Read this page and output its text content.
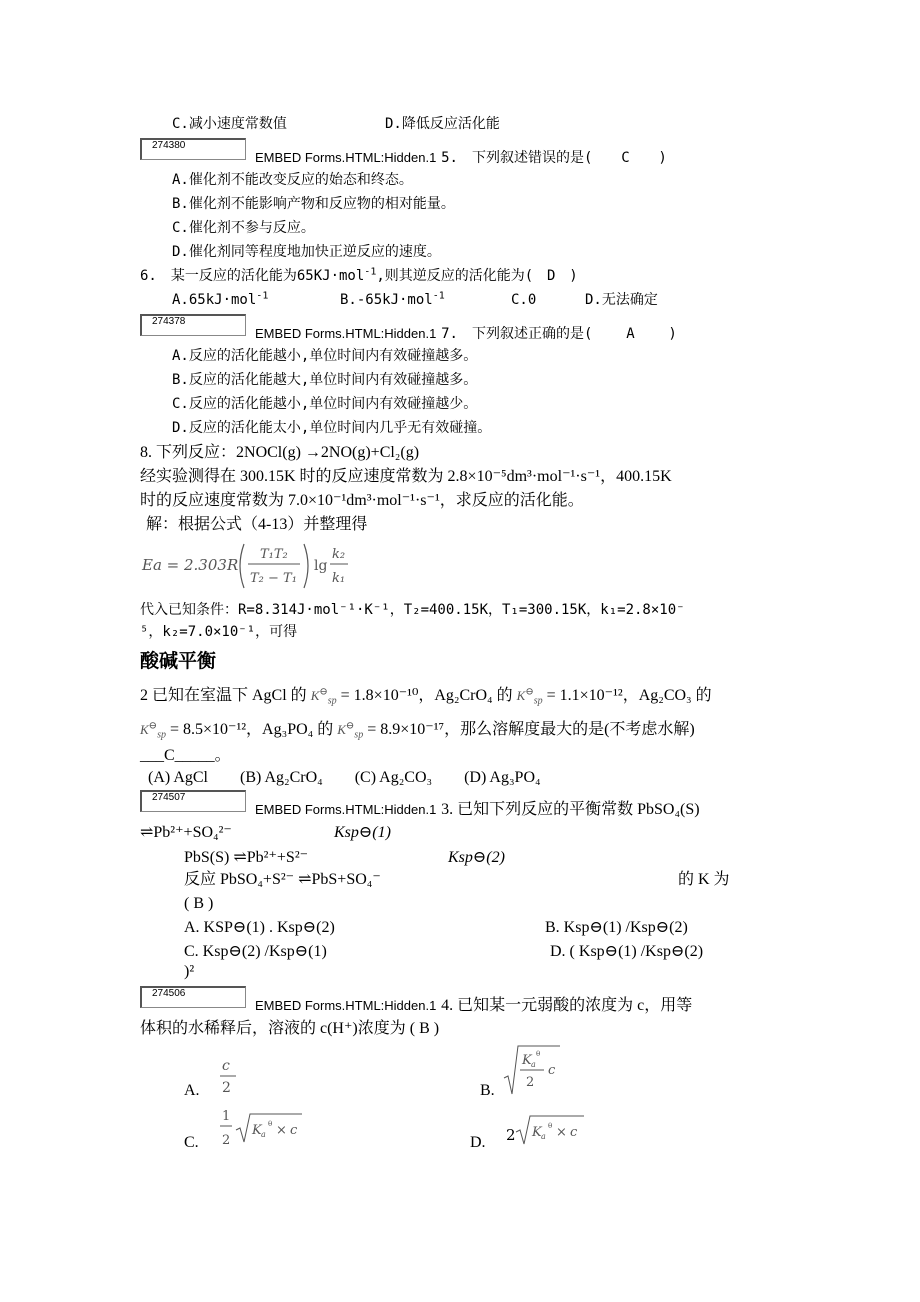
C.减小速度常数值	D.降低反应活化能
274380
EMBED Forms.HTML:Hidden.1 5.　下列叙述错误的是( C )
A.催化剂不能改变反应的始态和终态。
B.催化剂不能影响产物和反应物的相对能量。
C.催化剂不参与反应。
D.催化剂同等程度地加快正逆反应的速度。
6.　某一反应的活化能为65KJ·mol$^{-1}$,则其逆反应的活化能为( D )
A.65kJ·mol$^{-1}$	B.-65kJ·mol$^{-1}$	C.0	D.无法确定
274378
EMBED Forms.HTML:Hidden.1 7.　下列叙述正确的是( A )
A.反应的活化能越小,单位时间内有效碰撞越多。
B.反应的活化能越大,单位时间内有效碰撞越多。
C.反应的活化能越小,单位时间内有效碰撞越少。
D.反应的活化能太小,单位时间内几乎无有效碰撞。
8. 下列反应：2NOCl(g) →2NO(g)+Cl₂(g)
经实验测得在 300.15K 时的反应速度常数为 2.8×10⁻⁵dm³·mol⁻¹·s⁻¹，400.15K
时的反应速度常数为 7.0×10⁻¹dm³·mol⁻¹·s⁻¹，求反应的活化能。
解：根据公式（4-13）并整理得
Ea = 2.303R
T₁T₂
T₂ − T₁
lg
k₂
k₁
代入已知条件：R=8.314J·mol⁻¹·K⁻¹，T₂=400.15K，T₁=300.15K，k₁=2.8×10⁻
⁵，k₂=7.0×10⁻¹，可得
酸碱平衡
2 已知在室温下 AgCl 的 $K^⊖_{sp} = 1.8\times 10^{-10}$，Ag₂CrO₄ 的 $K^⊖_{sp} = 1.1\times 10^{-12}$，Ag₂CO₃ 的
$K^⊖_{sp} = 8.5\times 10^{-12}$，Ag₃PO₄ 的 $K^⊖_{sp} = 8.9\times 10^{-17}$，那么溶解度最大的是(不考虑水解)
___C_____。
(A) AgCl　　(B) Ag₂CrO₄　　(C) Ag₂CO₃　　(D) Ag₃PO₄
274507
EMBED Forms.HTML:Hidden.1 3. 已知下列反应的平衡常数 PbSO₄(S)
⇌Pb²⁺+SO₄²⁻	Ksp⊖(1)
PbS(S) ⇌Pb²⁺+S²⁻	Ksp⊖(2)
反应 PbSO₄+S²⁻ ⇌PbS+SO₄⁻	的 K 为
( B )
A. KSP⊖(1) . Ksp⊖(2)	B. Ksp⊖(1) /Ksp⊖(2)
C. Ksp⊖(2) /Ksp⊖(1)	D. ( Ksp⊖(1) /Ksp⊖(2)
)²
274506
EMBED Forms.HTML:Hidden.1 4. 已知某一元弱酸的浓度为 c，用等
体积的水稀释后，溶液的 c(H⁺)浓度为 ( B )
A.
c
2	B.
K a
θ
2
c
C.
1
2
K a
θ × c
D. 2 K a
θ × c
